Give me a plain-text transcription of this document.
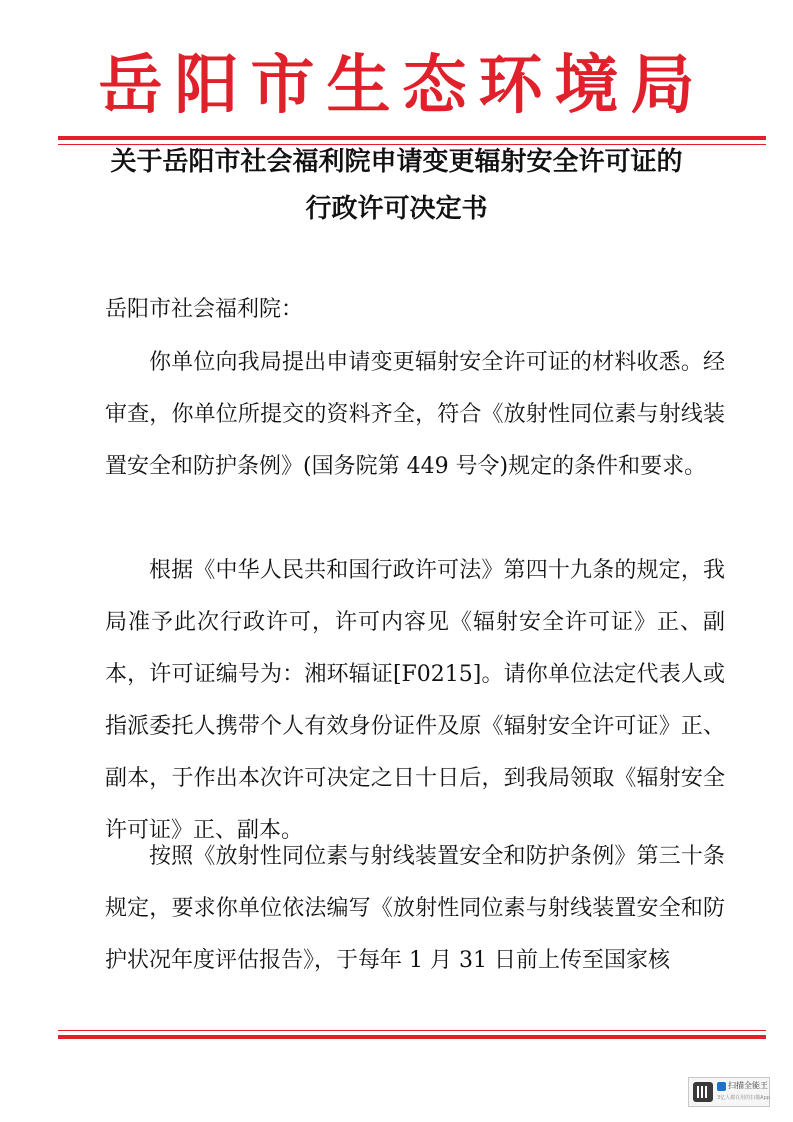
岳阳市生态环境局
关于岳阳市社会福利院申请变更辐射安全许可证的
行政许可决定书
岳阳市社会福利院：
你单位向我局提出申请变更辐射安全许可证的材料收悉。经审查，你单位所提交的资料齐全，符合《放射性同位素与射线装置安全和防护条例》(国务院第 449 号令)规定的条件和要求。
根据《中华人民共和国行政许可法》第四十九条的规定，我局准予此次行政许可，许可内容见《辐射安全许可证》正、副本，许可证编号为：湘环辐证[F0215]。请你单位法定代表人或指派委托人携带个人有效身份证件及原《辐射安全许可证》正、副本，于作出本次许可决定之日十日后，到我局领取《辐射安全许可证》正、副本。
按照《放射性同位素与射线装置安全和防护条例》第三十条规定，要求你单位依法编写《放射性同位素与射线装置安全和防护状况年度评估报告》，于每年 1 月 31 日前上传至国家核
扫描全能王
3亿人都在用的扫描App
